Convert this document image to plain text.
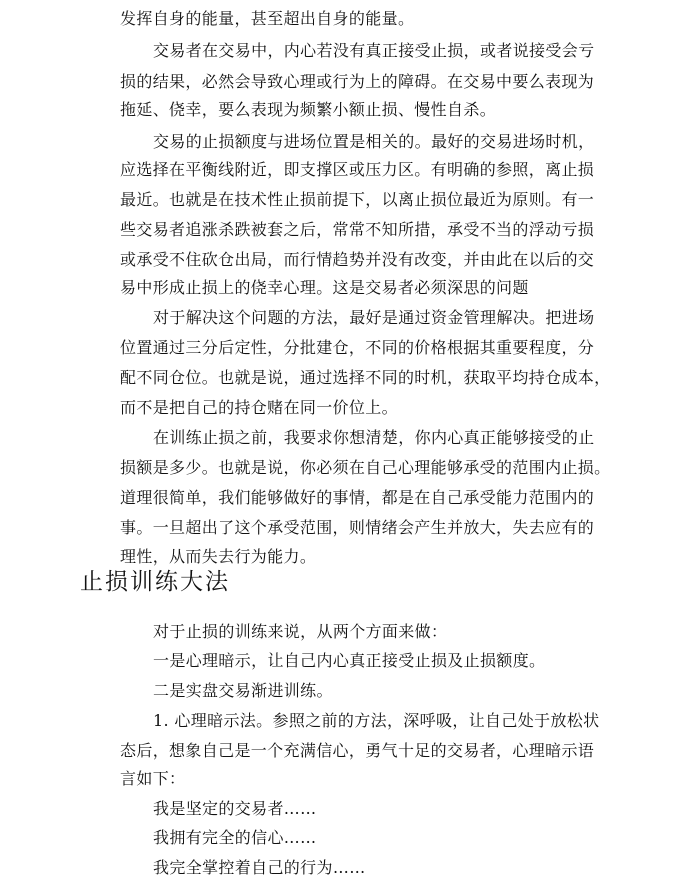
发挥自身的能量，甚至超出自身的能量。
交易者在交易中，内心若没有真正接受止损，或者说接受会亏
损的结果，必然会导致心理或行为上的障碍。在交易中要么表现为
拖延、侥幸，要么表现为频繁小额止损、慢性自杀。
交易的止损额度与进场位置是相关的。最好的交易进场时机，
应选择在平衡线附近，即支撑区或压力区。有明确的参照，离止损
最近。也就是在技术性止损前提下，以离止损位最近为原则。有一
些交易者追涨杀跌被套之后，常常不知所措，承受不当的浮动亏损
或承受不住砍仓出局，而行情趋势并没有改变，并由此在以后的交
易中形成止损上的侥幸心理。这是交易者必须深思的问题
对于解决这个问题的方法，最好是通过资金管理解决。把进场
位置通过三分后定性，分批建仓，不同的价格根据其重要程度，分
配不同仓位。也就是说，通过选择不同的时机，获取平均持仓成本，
而不是把自己的持仓赌在同一价位上。
在训练止损之前，我要求你想清楚，你内心真正能够接受的止
损额是多少。也就是说，你必须在自己心理能够承受的范围内止损。
道理很简单，我们能够做好的事情，都是在自己承受能力范围内的
事。一旦超出了这个承受范围，则情绪会产生并放大，失去应有的
理性，从而失去行为能力。
止损训练大法
对于止损的训练来说，从两个方面来做：
一是心理暗示，让自己内心真正接受止损及止损额度。
二是实盘交易渐进训练。
1. 心理暗示法。参照之前的方法，深呼吸，让自己处于放松状
态后，想象自己是一个充满信心，勇气十足的交易者，心理暗示语
言如下：
我是坚定的交易者……
我拥有完全的信心……
我完全掌控着自己的行为……
